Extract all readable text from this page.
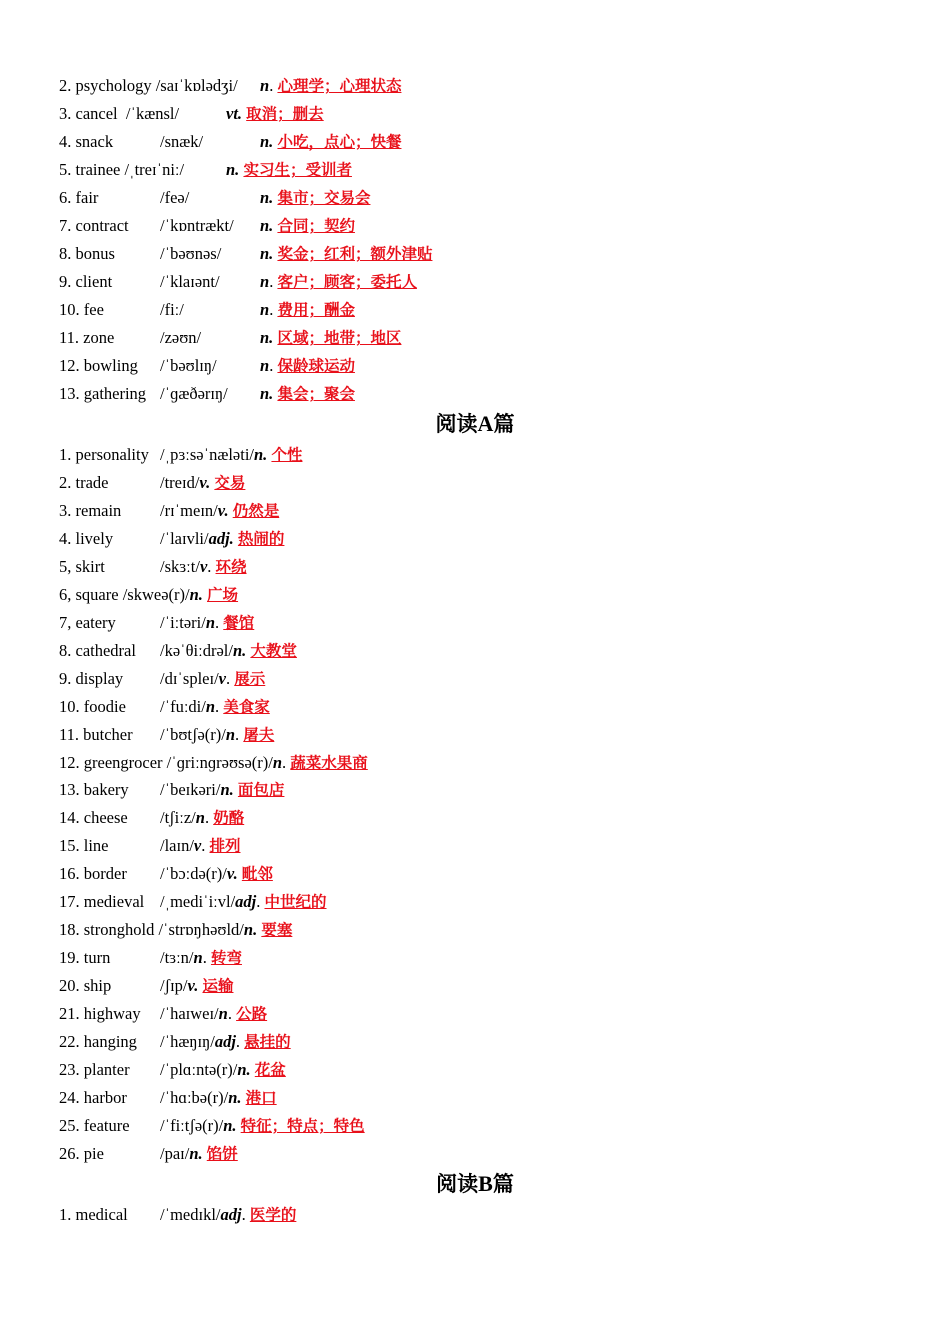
2. psychology /saɪˈkɒlədʒi/ n. 心理学；心理状态
3. cancel /ˈkænsl/	vt. 取消；删去
4. snack	/snæk/	n. 小吃，点心；快餐
5. trainee /ˌtreɪˈniː/	n. 实习生；受训者
6. fair	/feə/	n. 集市；交易会
7. contract /ˈkɒntrækt/ n. 合同；契约
8. bonus	/ˈbəʊnəs/ n. 奖金；红利；额外津贴
9. client	/ˈklaɪənt/ n. 客户；顾客；委托人
10. fee	/fiː/	n. 费用；酬金
11. zone	/zəʊn/	n. 区域；地带；地区
12. bowling /ˈbəʊlɪŋ/	n. 保龄球运动
13. gathering /ˈɡæðərɪŋ/ n. 集会；聚会
阅读A篇
1. personality /ˌpɜːsəˈnæləti/n. 个性
2. trade	/treɪd/v. 交易
3. remain /rɪˈmeɪn/v. 仍然是
4. lively	/ˈlaɪvli/adj. 热闹的
5, skirt	/skɜːt/v. 环绕
6, square /skweə(r)/n. 广场
7, eatery	/ˈiːtəri/n. 餐馆
8. cathedral /kəˈθiːdrəl/n. 大教堂
9. display /dɪˈspleɪ/v. 展示
10. foodie /ˈfuːdi/n. 美食家
11. butcher /ˈbʊtʃə(r)/n. 屠夫
12. greengrocer /ˈɡriːnɡrəʊsə(r)/n. 蔬菜水果商
13. bakery /ˈbeɪkəri/n. 面包店
14. cheese /tʃiːz/n. 奶酪
15. line	/laɪn/v. 排列
16. border /ˈbɔːdə(r)/v. 毗邻
17. medieval /ˌmediˈiːvl/adj. 中世纪的
18. stronghold /ˈstrɒŋhəʊld/n. 要塞
19. turn	/tɜːn/n. 转弯
20. ship	/ʃɪp/v. 运输
21. highway /ˈhaɪweɪ/n. 公路
22. hanging /ˈhæŋɪŋ/adj. 悬挂的
23. planter /ˈplɑːntə(r)/n. 花盆
24. harbor /ˈhɑːbə(r)/n. 港口
25. feature /ˈfiːtʃə(r)/n. 特征；特点；特色
26. pie	/paɪ/n. 馅饼
阅读B篇
1. medical /ˈmedɪkl/adj. 医学的
